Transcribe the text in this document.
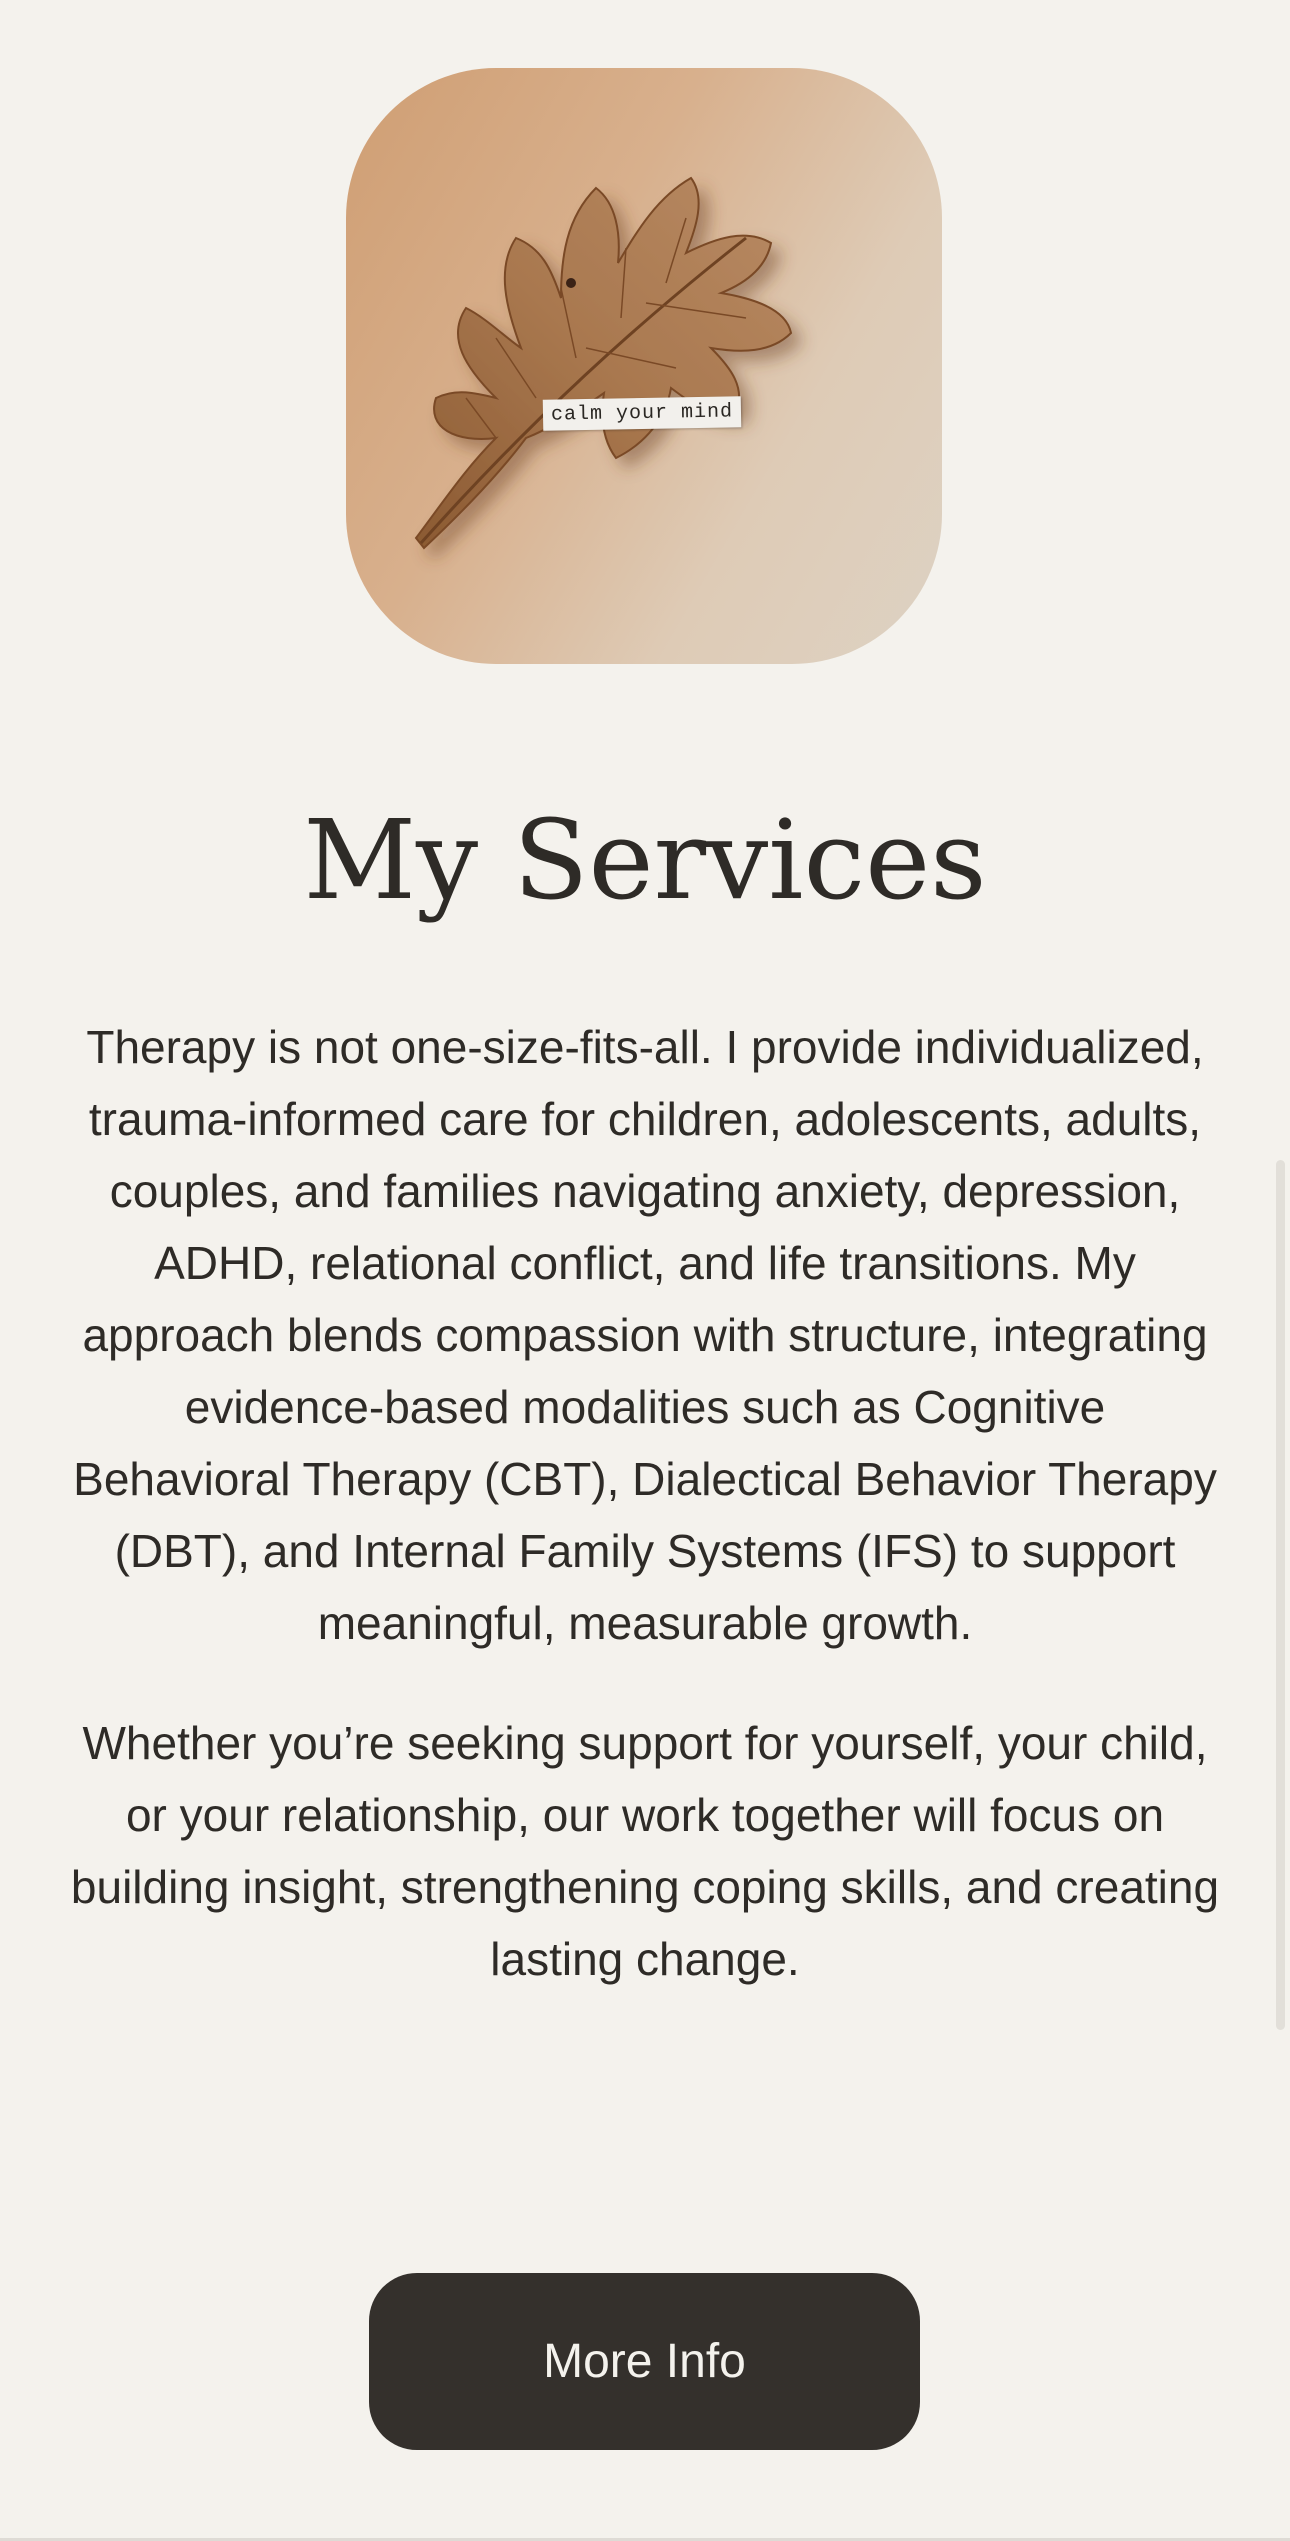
calm your mind
My Services

Therapy is not one-size-fits-all. I provide individualized, trauma-informed care for children, adolescents, adults, couples, and families navigating anxiety, depression, ADHD, relational conflict, and life transitions. My approach blends compassion with structure, integrating evidence-based modalities such as Cognitive Behavioral Therapy (CBT), Dialectical Behavior Therapy (DBT), and Internal Family Systems (IFS) to support meaningful, measurable growth.

Whether you’re seeking support for yourself, your child, or your relationship, our work together will focus on building insight, strengthening coping skills, and creating lasting change.

More Info
